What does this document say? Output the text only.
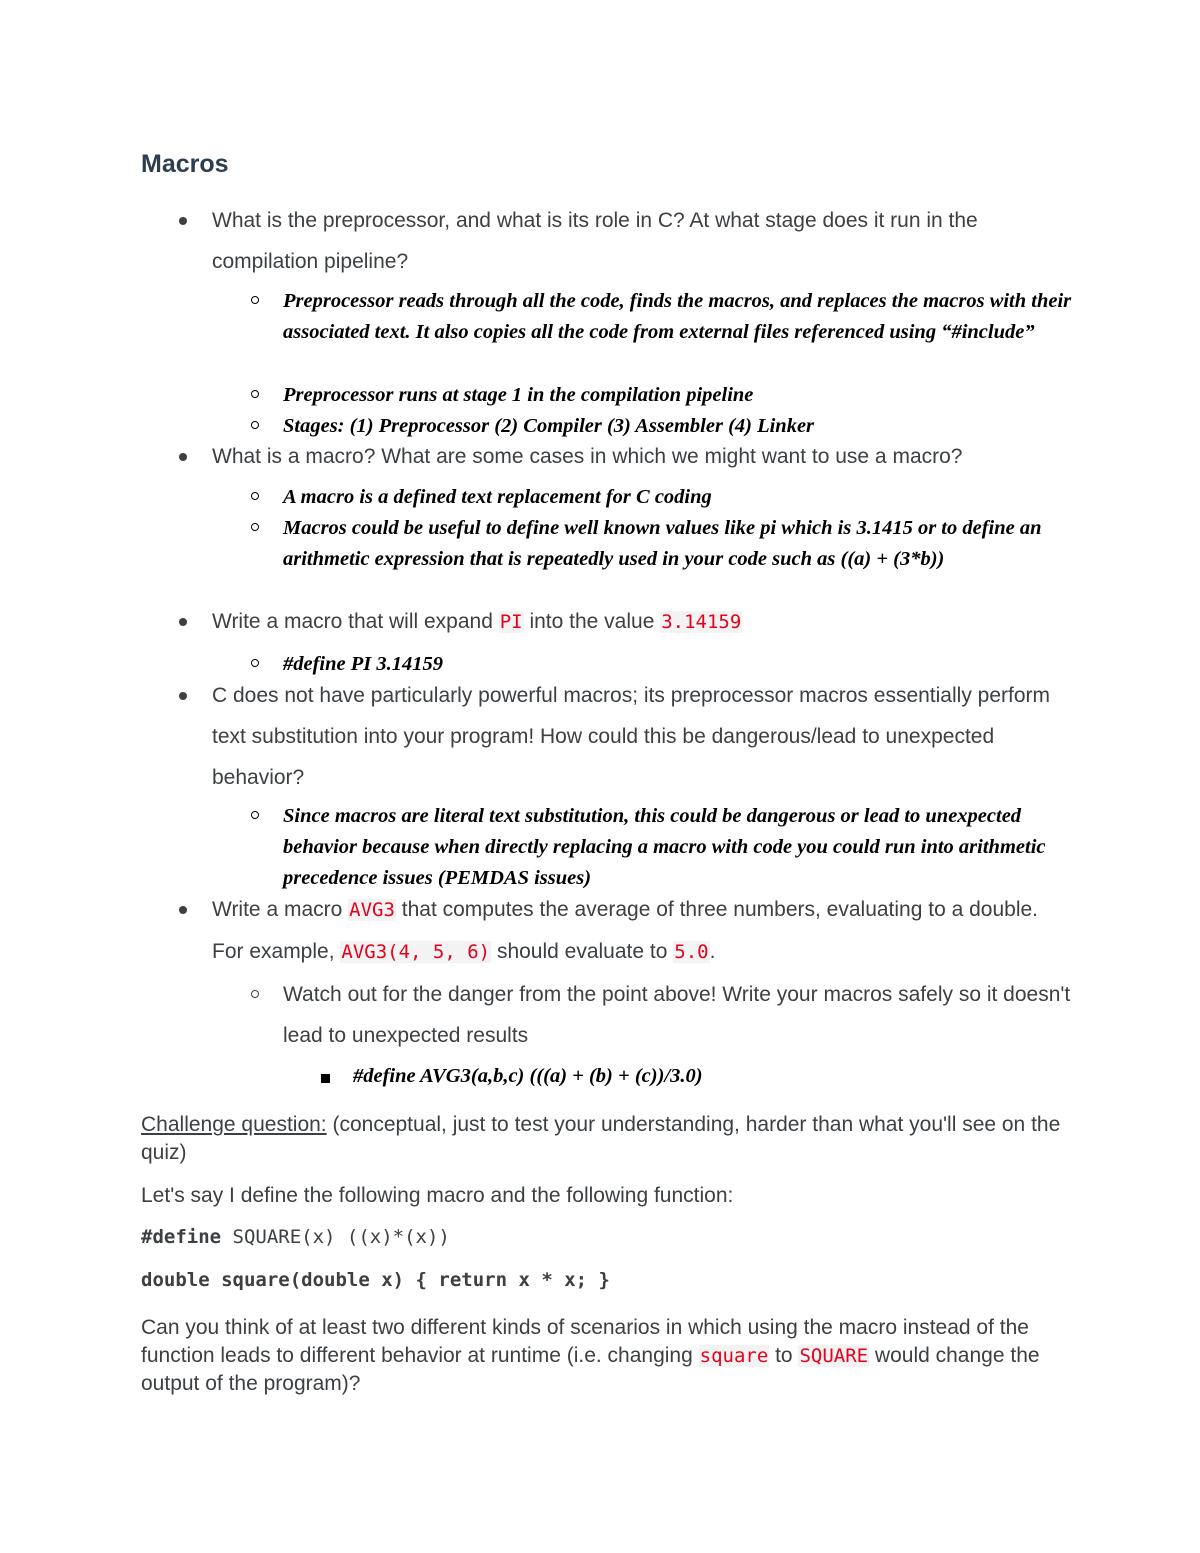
Macros
What is the preprocessor, and what is its role in C? At what stage does it run in the compilation pipeline?
Preprocessor reads through all the code, finds the macros, and replaces the macros with their associated text. It also copies all the code from external files referenced using “#include”
Preprocessor runs at stage 1 in the compilation pipeline
Stages: (1) Preprocessor (2) Compiler (3) Assembler (4) Linker
What is a macro? What are some cases in which we might want to use a macro?
A macro is a defined text replacement for C coding
Macros could be useful to define well known values like pi which is 3.1415 or to define an arithmetic expression that is repeatedly used in your code such as ((a) + (3*b))
Write a macro that will expand PI into the value 3.14159
#define PI 3.14159
C does not have particularly powerful macros; its preprocessor macros essentially perform text substitution into your program! How could this be dangerous/lead to unexpected behavior?
Since macros are literal text substitution, this could be dangerous or lead to unexpected behavior because when directly replacing a macro with code you could run into arithmetic precedence issues (PEMDAS issues)
Write a macro AVG3 that computes the average of three numbers, evaluating to a double. For example, AVG3(4, 5, 6) should evaluate to 5.0.
Watch out for the danger from the point above! Write your macros safely so it doesn't lead to unexpected results
#define AVG3(a,b,c) (((a) + (b) + (c))/3.0)

Challenge question: (conceptual, just to test your understanding, harder than what you'll see on the quiz)

Let's say I define the following macro and the following function:

#define SQUARE(x) ((x)*(x))

double square(double x) { return x * x; }

Can you think of at least two different kinds of scenarios in which using the macro instead of the function leads to different behavior at runtime (i.e. changing square to SQUARE would change the output of the program)?
